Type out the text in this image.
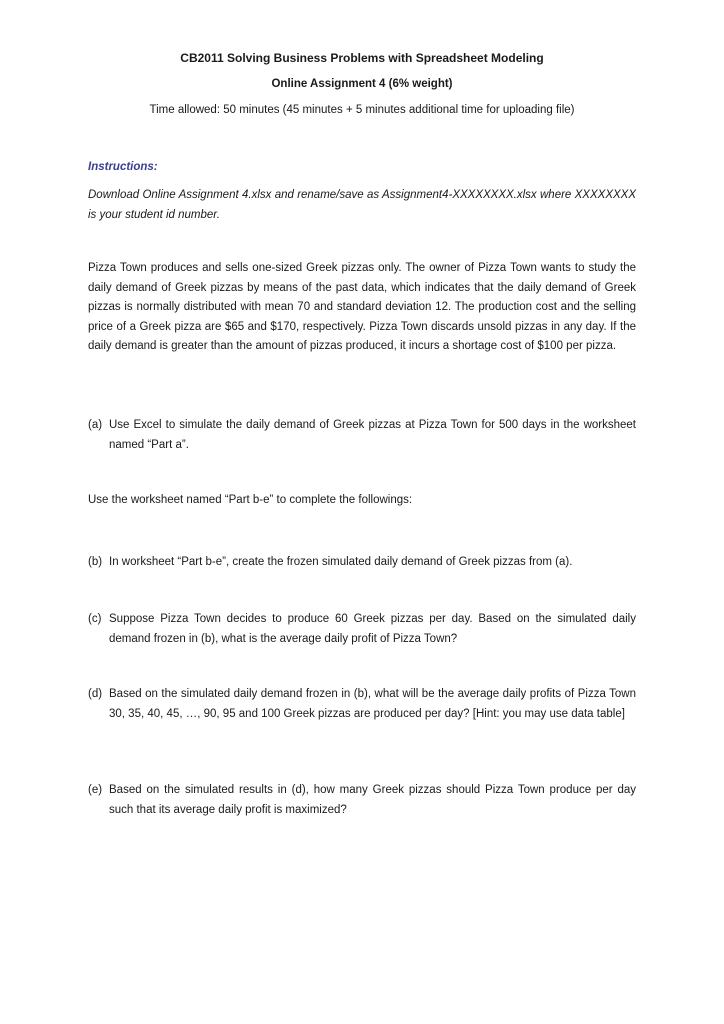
CB2011 Solving Business Problems with Spreadsheet Modeling
Online Assignment 4 (6% weight)
Time allowed: 50 minutes (45 minutes + 5 minutes additional time for uploading file)
Instructions:
Download Online Assignment 4.xlsx and rename/save as Assignment4-XXXXXXXX.xlsx where XXXXXXXX is your student id number.
Pizza Town produces and sells one-sized Greek pizzas only. The owner of Pizza Town wants to study the daily demand of Greek pizzas by means of the past data, which indicates that the daily demand of Greek pizzas is normally distributed with mean 70 and standard deviation 12. The production cost and the selling price of a Greek pizza are $65 and $170, respectively. Pizza Town discards unsold pizzas in any day. If the daily demand is greater than the amount of pizzas produced, it incurs a shortage cost of $100 per pizza.
(a) Use Excel to simulate the daily demand of Greek pizzas at Pizza Town for 500 days in the worksheet named “Part a”.
Use the worksheet named “Part b-e” to complete the followings:
(b) In worksheet “Part b-e”, create the frozen simulated daily demand of Greek pizzas from (a).
(c) Suppose Pizza Town decides to produce 60 Greek pizzas per day. Based on the simulated daily demand frozen in (b), what is the average daily profit of Pizza Town?
(d) Based on the simulated daily demand frozen in (b), what will be the average daily profits of Pizza Town 30, 35, 40, 45, …, 90, 95 and 100 Greek pizzas are produced per day? [Hint: you may use data table]
(e) Based on the simulated results in (d), how many Greek pizzas should Pizza Town produce per day such that its average daily profit is maximized?
